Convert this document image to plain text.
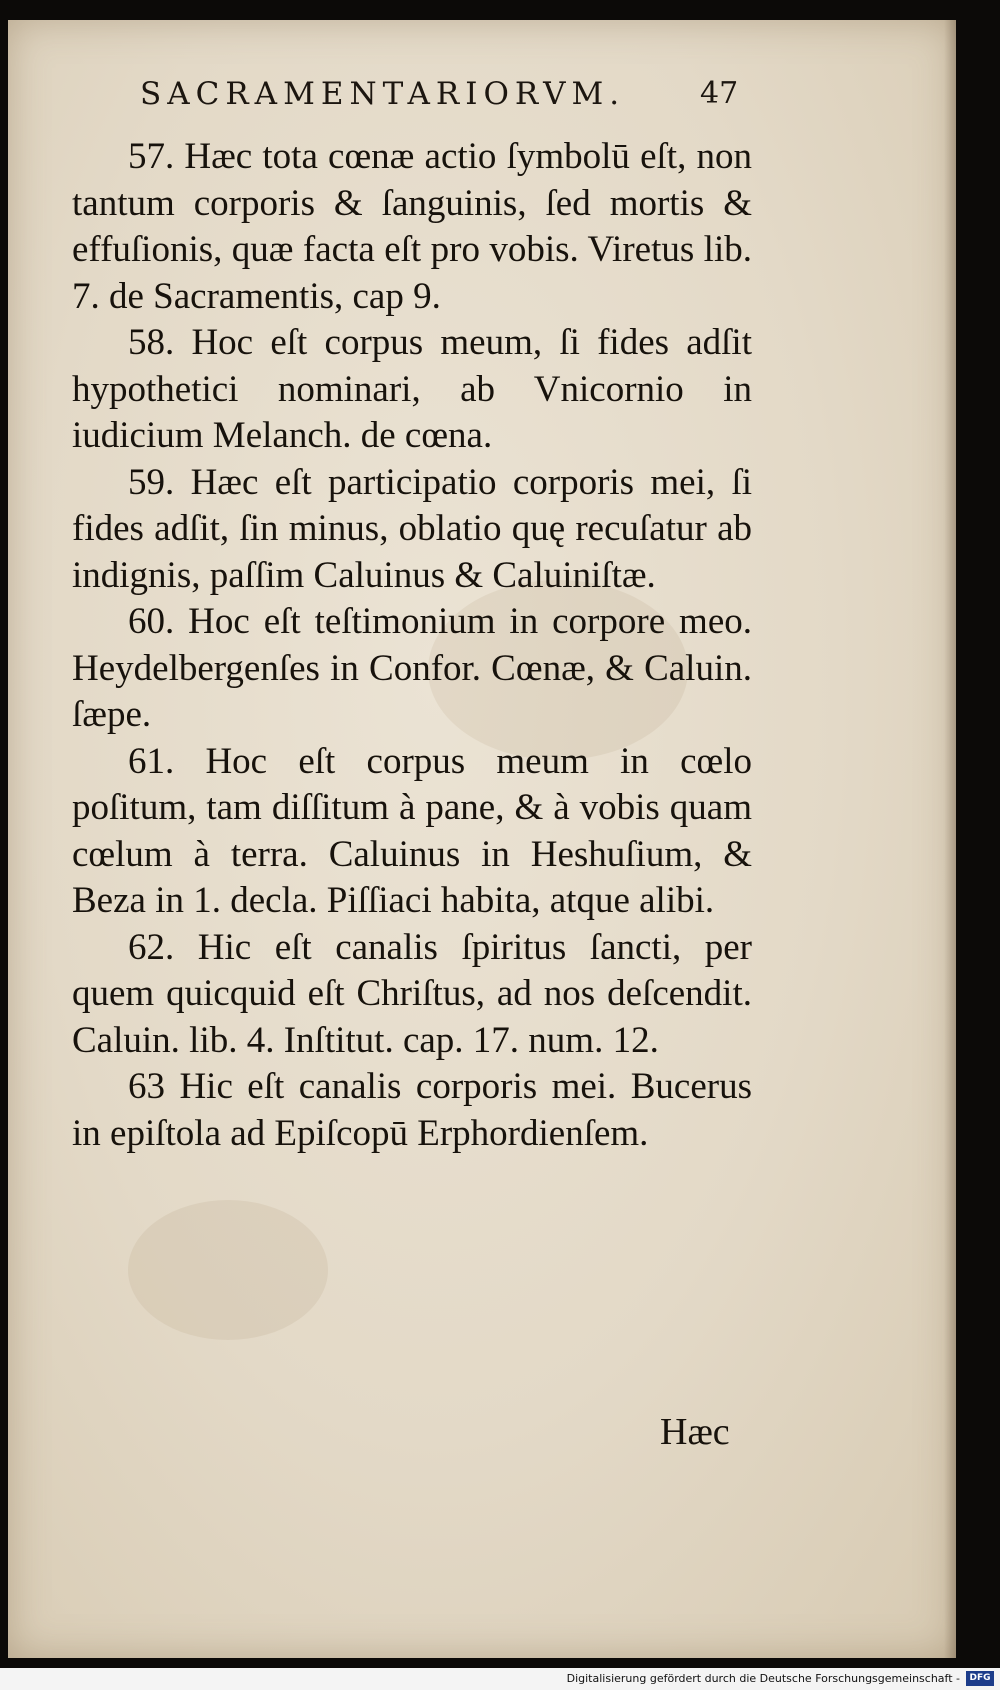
SACRAMENTARIORVM. 47

57. Hæc tota cœnæ actio ſymbolū eſt, non tantum corporis & ſanguinis, ſed mortis & effuſionis, quæ facta eſt pro vobis. Viretus lib. 7. de Sacramentis, cap 9.

58. Hoc eſt corpus meum, ſi fides adſit hypothetici nominari, ab Vnicornio in iudicium Melanch. de cœna.

59. Hæc eſt participatio corporis mei, ſi fides adſit, ſin minus, oblatio quę recuſatur ab indignis, paſſim Caluinus & Caluiniſtæ.

60. Hoc eſt teſtimonium in corpore meo. Heydelbergenſes in Confor. Cœnæ, & Caluin. ſæpe.

61. Hoc eſt corpus meum in cœlo poſitum, tam diſſitum à pane, & à vobis quam cœlum à terra. Caluinus in Heshuſium, & Beza in 1. decla. Piſſiaci habita, atque alibi.

62. Hic eſt canalis ſpiritus ſancti, per quem quicquid eſt Chriſtus, ad nos deſcendit. Caluin. lib. 4. Inſtitut. cap. 17. num. 12.

63 Hic eſt canalis corporis mei. Bucerus in epiſtola ad Epiſcopū Erphordienſem.

Hæc
Digitalisierung gefördert durch die Deutsche Forschungsgemeinschaft -	DFG
